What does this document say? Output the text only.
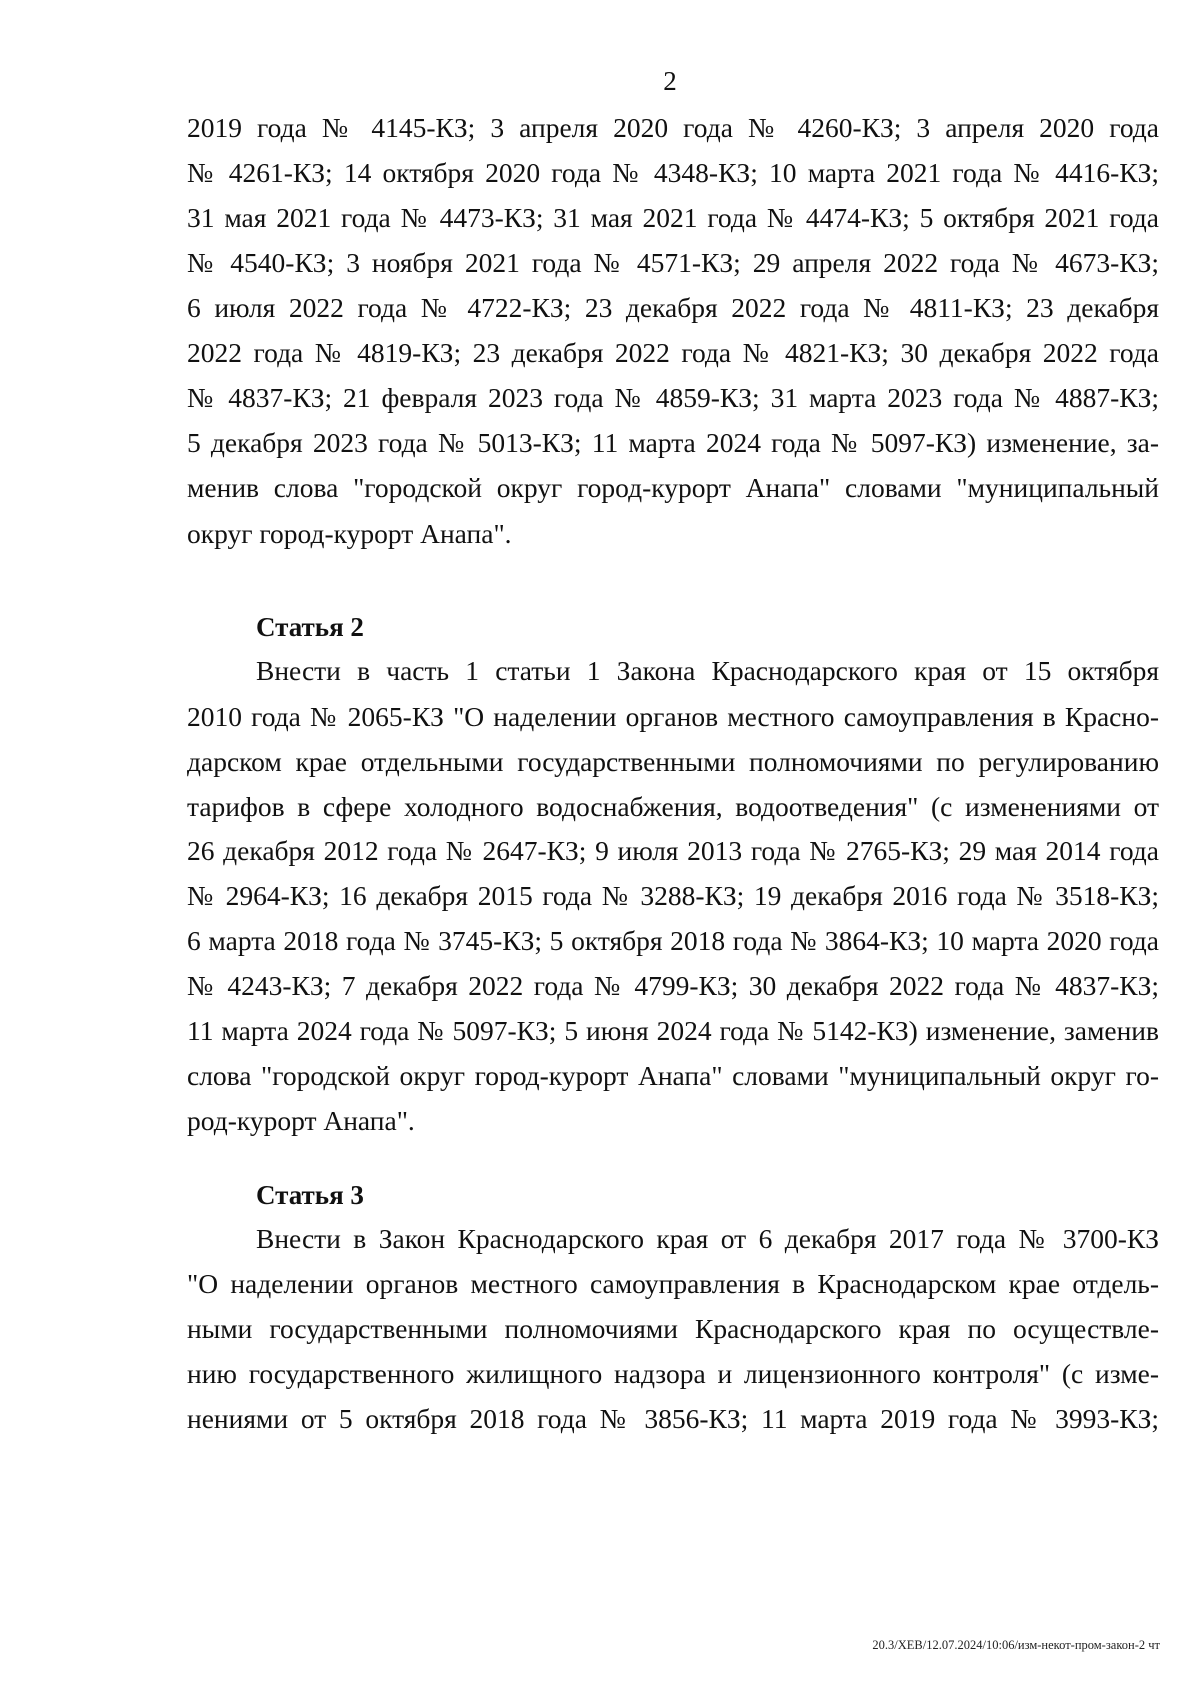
2
2019 года № 4145-КЗ; 3 апреля 2020 года № 4260-КЗ; 3 апреля 2020 года
№ 4261-КЗ; 14 октября 2020 года № 4348-КЗ; 10 марта 2021 года № 4416-КЗ;
31 мая 2021 года № 4473-КЗ; 31 мая 2021 года № 4474-КЗ; 5 октября 2021 года
№ 4540-КЗ; 3 ноября 2021 года № 4571-КЗ; 29 апреля 2022 года № 4673-КЗ;
6 июля 2022 года № 4722-КЗ; 23 декабря 2022 года № 4811-КЗ; 23 декабря
2022 года № 4819-КЗ; 23 декабря 2022 года № 4821-КЗ; 30 декабря 2022 года
№ 4837-КЗ; 21 февраля 2023 года № 4859-КЗ; 31 марта 2023 года № 4887-КЗ;
5 декабря 2023 года № 5013-КЗ; 11 марта 2024 года № 5097-КЗ) изменение, за-
менив слова "городской округ город-курорт Анапа" словами "муниципальный
округ город-курорт Анапа".
Статья 2
Внести в часть 1 статьи 1 Закона Краснодарского края от 15 октября
2010 года № 2065-КЗ "О наделении органов местного самоуправления в Красно-
дарском крае отдельными государственными полномочиями по регулированию
тарифов в сфере холодного водоснабжения, водоотведения" (с изменениями от
26 декабря 2012 года № 2647-КЗ; 9 июля 2013 года № 2765-КЗ; 29 мая 2014 года
№ 2964-КЗ; 16 декабря 2015 года № 3288-КЗ; 19 декабря 2016 года № 3518-КЗ;
6 марта 2018 года № 3745-КЗ; 5 октября 2018 года № 3864-КЗ; 10 марта 2020 года
№ 4243-КЗ; 7 декабря 2022 года № 4799-КЗ; 30 декабря 2022 года № 4837-КЗ;
11 марта 2024 года № 5097-КЗ; 5 июня 2024 года № 5142-КЗ) изменение, заменив
слова "городской округ город-курорт Анапа" словами "муниципальный округ го-
род-курорт Анапа".
Статья 3
Внести в Закон Краснодарского края от 6 декабря 2017 года № 3700-КЗ
"О наделении органов местного самоуправления в Краснодарском крае отдель-
ными государственными полномочиями Краснодарского края по осуществле-
нию государственного жилищного надзора и лицензионного контроля" (с изме-
нениями от 5 октября 2018 года № 3856-КЗ; 11 марта 2019 года № 3993-КЗ;
20.3/ХЕВ/12.07.2024/10:06/изм-некот-пром-закон-2 чт
